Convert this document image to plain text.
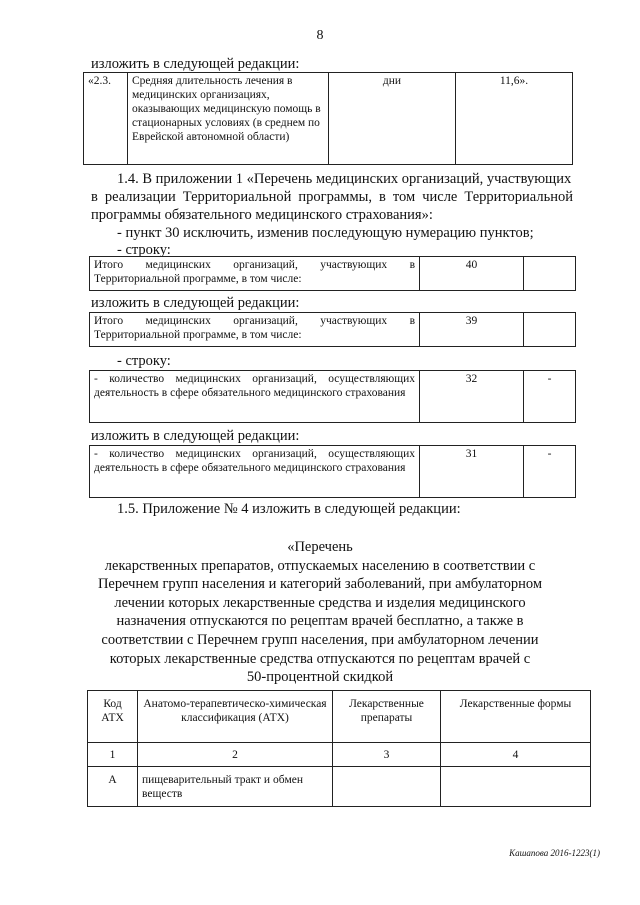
8
изложить в следующей редакции:
«2.3.	Средняя длительность лечения в медицинских организациях, оказывающих медицинскую помощь в стационарных условиях (в среднем по Еврейской автономной области)	дни	11,6».
1.4. В приложении 1 «Перечень медицинских организаций, участвующих
в реализации Территориальной программы, в том числе Территориальной
программы обязательного медицинского страхования»:
- пункт 30 исключить, изменив последующую нумерацию пунктов;
- строку:
Итого медицинских организаций, участвующих в Территориальной программе, в том числе:	40	
изложить в следующей редакции:
Итого медицинских организаций, участвующих в Территориальной программе, в том числе:	39	
- строку:
- количество медицинских организаций, осуществляющих деятельность в сфере обязательного медицинского страхования	32	-
изложить в следующей редакции:
- количество медицинских организаций, осуществляющих деятельность в сфере обязательного медицинского страхования	31	-
1.5. Приложение № 4 изложить в следующей редакции:
«Перечень
лекарственных препаратов, отпускаемых населению в соответствии с
Перечнем групп населения и категорий заболеваний, при амбулаторном
лечении которых лекарственные средства и изделия медицинского
назначения отпускаются по рецептам врачей бесплатно, а также в
соответствии с Перечнем групп населения, при амбулаторном лечении
которых лекарственные средства отпускаются по рецептам врачей с
50-процентной скидкой
Код АТХ	Анатомо-терапевтическо-химическая классификация (АТХ)	Лекарственные препараты	Лекарственные формы
1	2	3	4
А	пищеварительный тракт и обмен веществ		
Кашапова 2016-1223(1)
